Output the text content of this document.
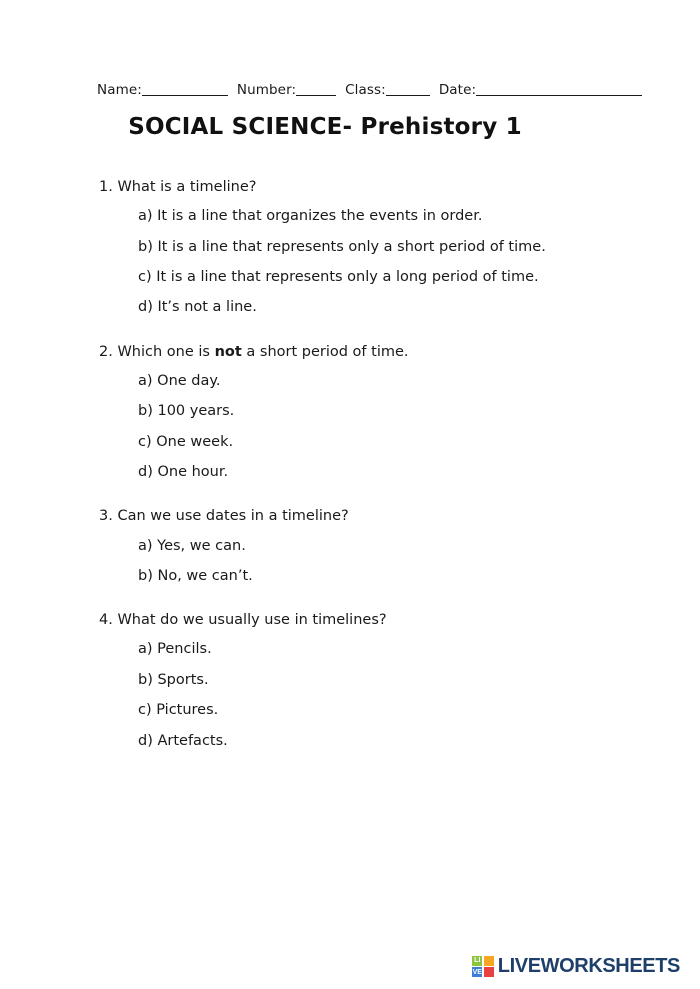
Name:	Number:	Class:	Date:
SOCIAL SCIENCE- Prehistory 1
1. What is a timeline?
a) It is a line that organizes the events in order.
b) It is a line that represents only a short period of time.
c) It is a line that represents only a long period of time.
d) It’s not a line.
2. Which one is not a short period of time.
a) One day.
b) 100 years.
c) One week.
d) One hour.
3. Can we use dates in a timeline?
a) Yes, we can.
b) No, we can’t.
4. What do we usually use in timelines?
a) Pencils.
b) Sports.
c) Pictures.
d) Artefacts.
LI
VE LIVEWORKSHEETS
